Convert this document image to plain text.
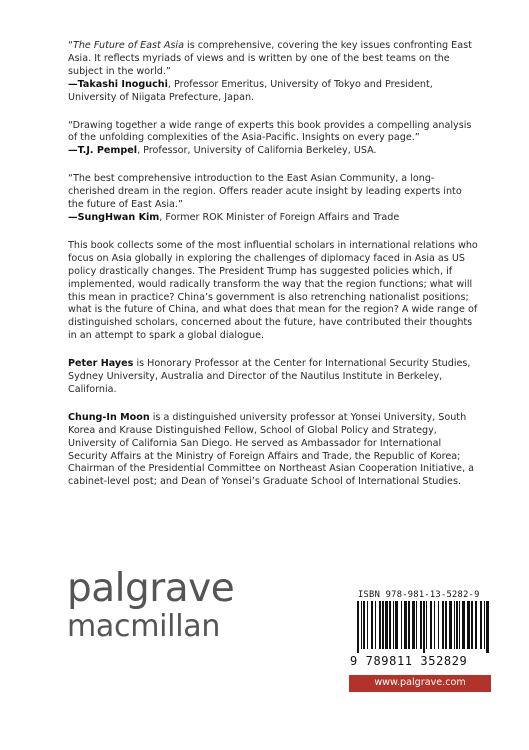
“The Future of East Asia is comprehensive, covering the key issues confronting East Asia. It reflects myriads of views and is written by one of the best teams on the subject in the world.”
—Takashi Inoguchi, Professor Emeritus, University of Tokyo and President, University of Niigata Prefecture, Japan.

“Drawing together a wide range of experts this book provides a compelling analysis of the unfolding complexities of the Asia-Pacific. Insights on every page.”
—T.J. Pempel, Professor, University of California Berkeley, USA.

“The best comprehensive introduction to the East Asian Community, a long-cherished dream in the region. Offers reader acute insight by leading experts into the future of East Asia.”
—SungHwan Kim, Former ROK Minister of Foreign Affairs and Trade

This book collects some of the most influential scholars in international relations who focus on Asia globally in exploring the challenges of diplomacy faced in Asia as US policy drastically changes. The President Trump has suggested policies which, if implemented, would radically transform the way that the region functions; what will this mean in practice? China’s government is also retrenching nationalist positions; what is the future of China, and what does that mean for the region? A wide range of distinguished scholars, concerned about the future, have contributed their thoughts in an attempt to spark a global dialogue.

Peter Hayes is Honorary Professor at the Center for International Security Studies, Sydney University, Australia and Director of the Nautilus Institute in Berkeley, California.

Chung-In Moon is a distinguished university professor at Yonsei University, South Korea and Krause Distinguished Fellow, School of Global Policy and Strategy, University of California San Diego. He served as Ambassador for International Security Affairs at the Ministry of Foreign Affairs and Trade, the Republic of Korea; Chairman of the Presidential Committee on Northeast Asian Cooperation Initiative, a cabinet-level post; and Dean of Yonsei’s Graduate School of International Studies.

palgrave
macmillan
ISBN 978-981-13-5282-9
9 789811 352829
www.palgrave.com
